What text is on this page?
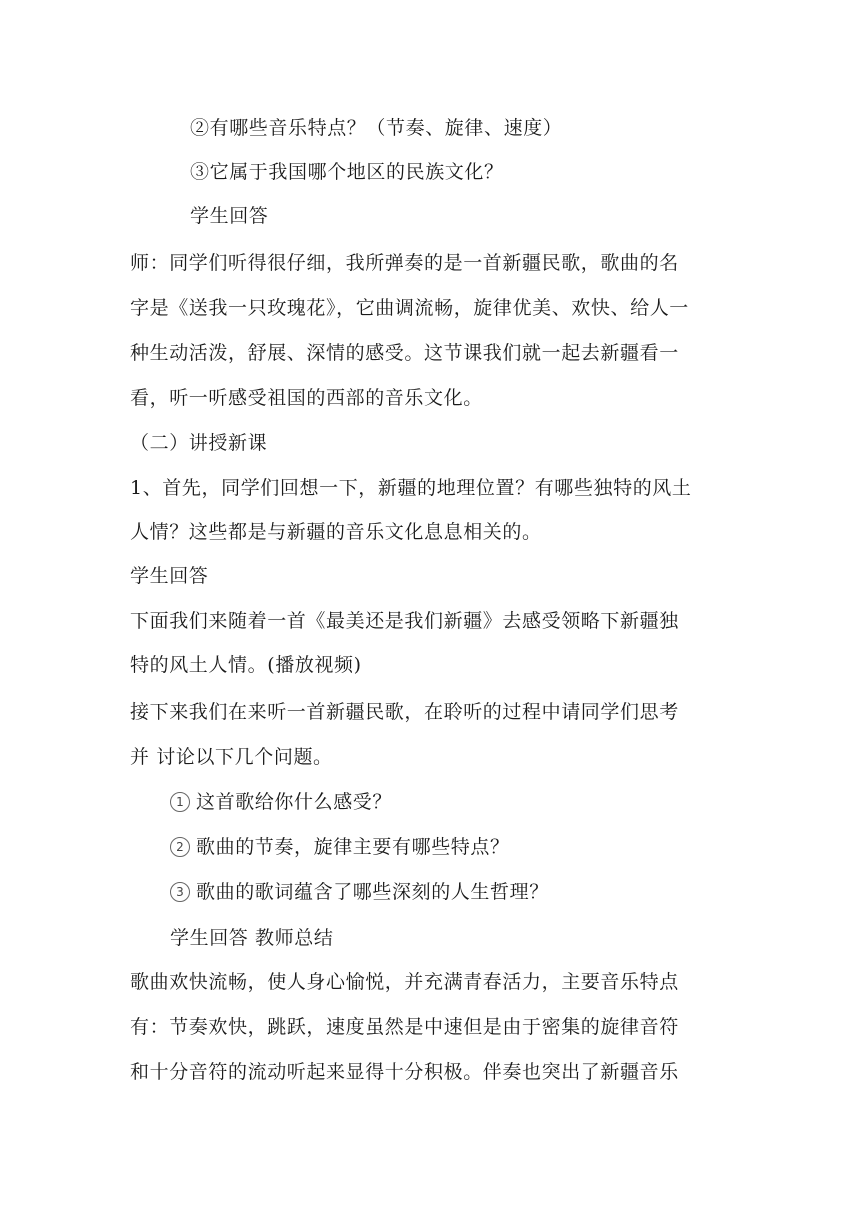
②有哪些音乐特点？（节奏、旋律、速度）
③它属于我国哪个地区的民族文化？
学生回答
师：同学们听得很仔细，我所弹奏的是一首新疆民歌，歌曲的名
字是《送我一只玫瑰花》，它曲调流畅，旋律优美、欢快、给人一
种生动活泼，舒展、深情的感受。这节课我们就一起去新疆看一
看，听一听感受祖国的西部的音乐文化。
（二）讲授新课
1、首先，同学们回想一下，新疆的地理位置？有哪些独特的风土
人情？这些都是与新疆的音乐文化息息相关的。
学生回答
下面我们来随着一首《最美还是我们新疆》去感受领略下新疆独
特的风土人情。(播放视频)
接下来我们在来听一首新疆民歌，在聆听的过程中请同学们思考
并 讨论以下几个问题。
1 这首歌给你什么感受？
2 歌曲的节奏，旋律主要有哪些特点？
3 歌曲的歌词蕴含了哪些深刻的人生哲理？
学生回答 教师总结
歌曲欢快流畅，使人身心愉悦，并充满青春活力，主要音乐特点
有：节奏欢快，跳跃，速度虽然是中速但是由于密集的旋律音符
和十分音符的流动听起来显得十分积极。伴奏也突出了新疆音乐
